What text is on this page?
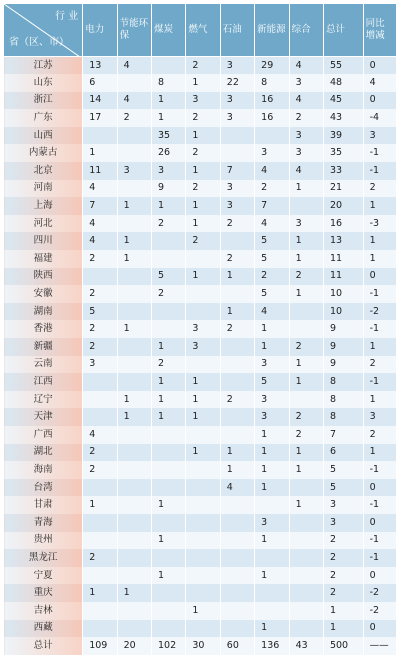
行 业
省（区、市）	电力	节能环保	煤炭	燃气	石油	新能源	综合	总计	同比增减
江苏	13	4		2	3	29	4	55	0
山东	6		8	1	22	8	3	48	4
浙江	14	4	1	3	3	16	4	45	0
广东	17	2	1	2	3	16	2	43	-4
山西			35	1			3	39	3
内蒙古	1		26	2		3	3	35	-1
北京	11	3	3	1	7	4	4	33	-1
河南	4		9	2	3	2	1	21	2
上海	7	1	1	1	3	7		20	1
河北	4		2	1	2	4	3	16	-3
四川	4	1		2		5	1	13	1
福建	2	1			2	5	1	11	1
陕西			5	1	1	2	2	11	0
安徽	2		2			5	1	10	-1
湖南	5				1	4		10	-2
香港	2	1		3	2	1		9	-1
新疆	2		1	3		1	2	9	1
云南	3		2			3	1	9	2
江西			1	1		5	1	8	-1
辽宁		1	1	1	2	3		8	1
天津		1	1	1		3	2	8	3
广西	4					1	2	7	2
湖北	2			1	1	1	1	6	1
海南	2				1	1	1	5	-1
台湾					4	1		5	0
甘肃	1		1				1	3	-1
青海						3		3	0
贵州			1			1		2	-1
黑龙江	2							2	-1
宁夏			1			1		2	0
重庆	1	1						2	-2
吉林				1				1	-2
西藏						1		1	0
总计	109	20	102	30	60	136	43	500	——
